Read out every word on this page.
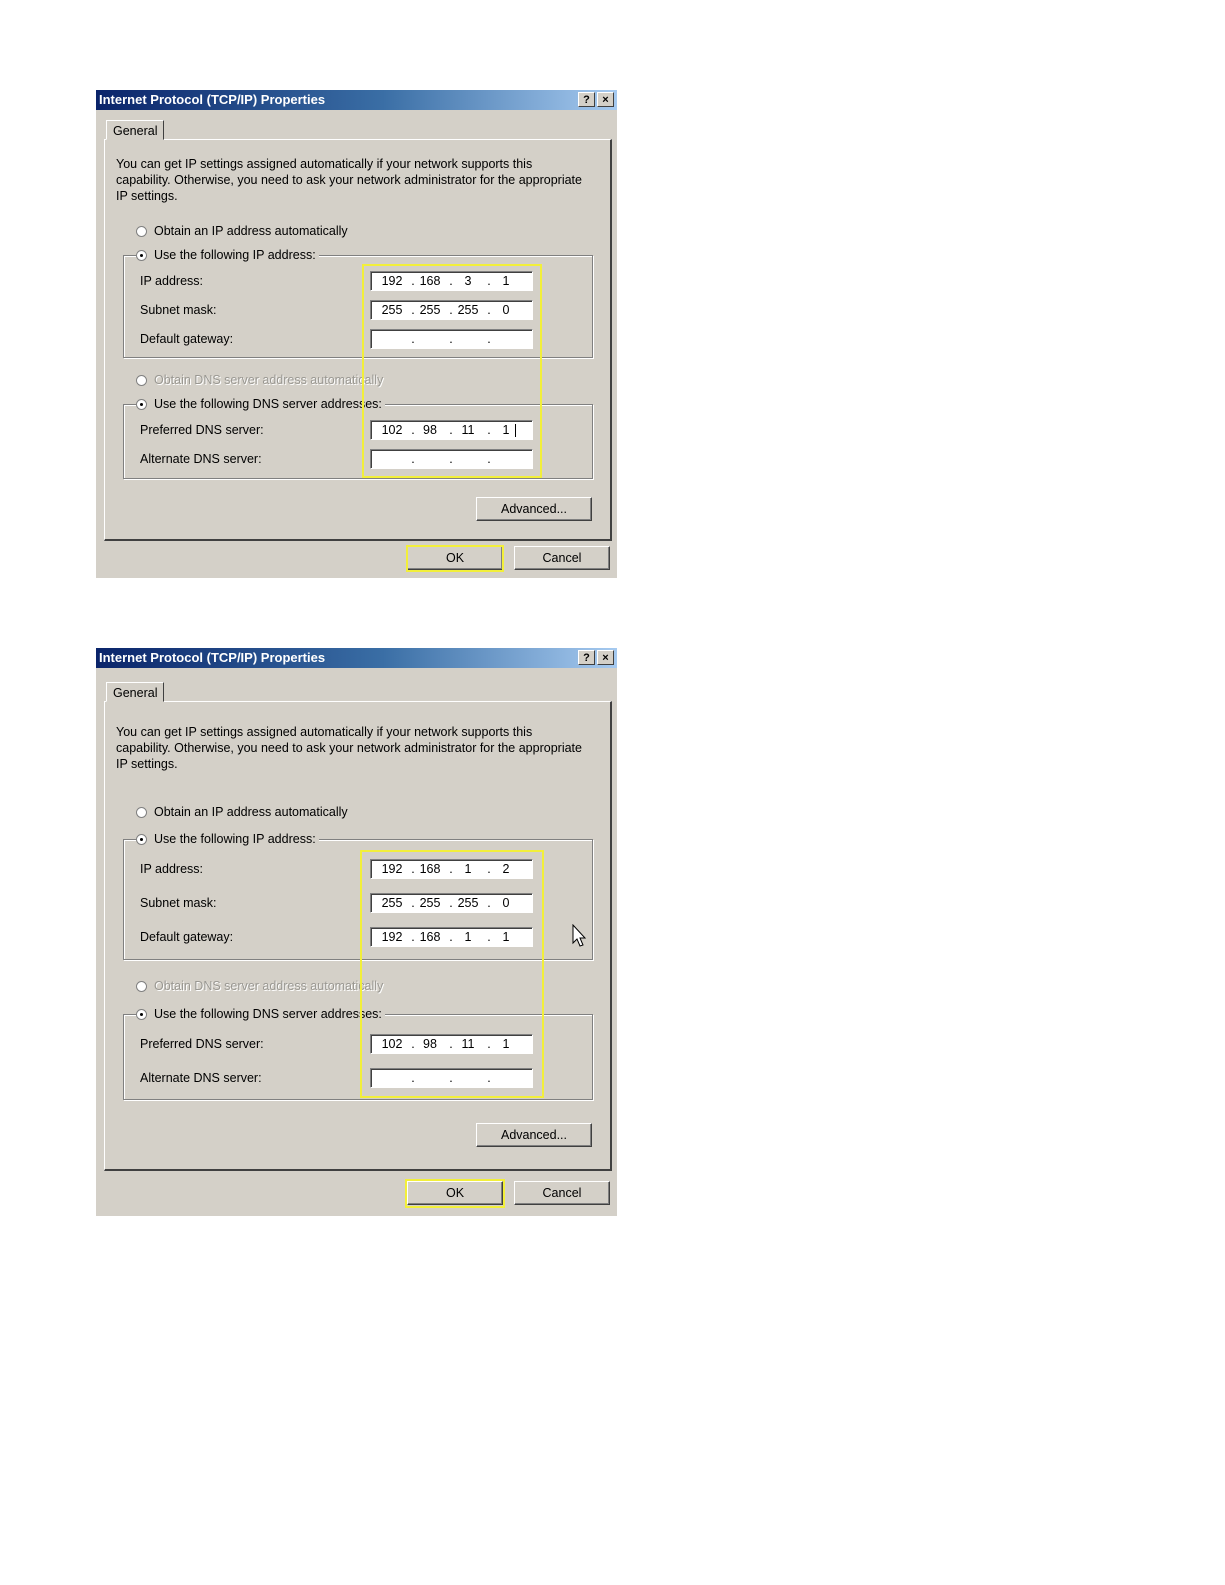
Internet Protocol (TCP/IP) Properties	?	×
General
You can get IP settings assigned automatically if your network supports this capability. Otherwise, you need to ask your network administrator for the appropriate IP settings.
Obtain an IP address automatically
Use the following IP address:
IP address:	192 . 168 . 3	. 1
Subnet mask:	255 . 255 . 255 . 0
Default gateway:	.	.	.
Obtain DNS server address automatically
Use the following DNS server addresses:
Preferred DNS server:	102 . 98 . 11	. 1
Alternate DNS server:	.	.	.
Advanced...
OK	Cancel
Internet Protocol (TCP/IP) Properties	?	×
General
You can get IP settings assigned automatically if your network supports this capability. Otherwise, you need to ask your network administrator for the appropriate IP settings.
Obtain an IP address automatically
Use the following IP address:
IP address:	192 . 168 . 1	. 2
Subnet mask:	255 . 255 . 255 . 0
Default gateway:	192 . 168 . 1	. 1
Obtain DNS server address automatically
Use the following DNS server addresses:
Preferred DNS server:	102 . 98 . 11	. 1
Alternate DNS server:	.	.	.
Advanced...
OK	Cancel
